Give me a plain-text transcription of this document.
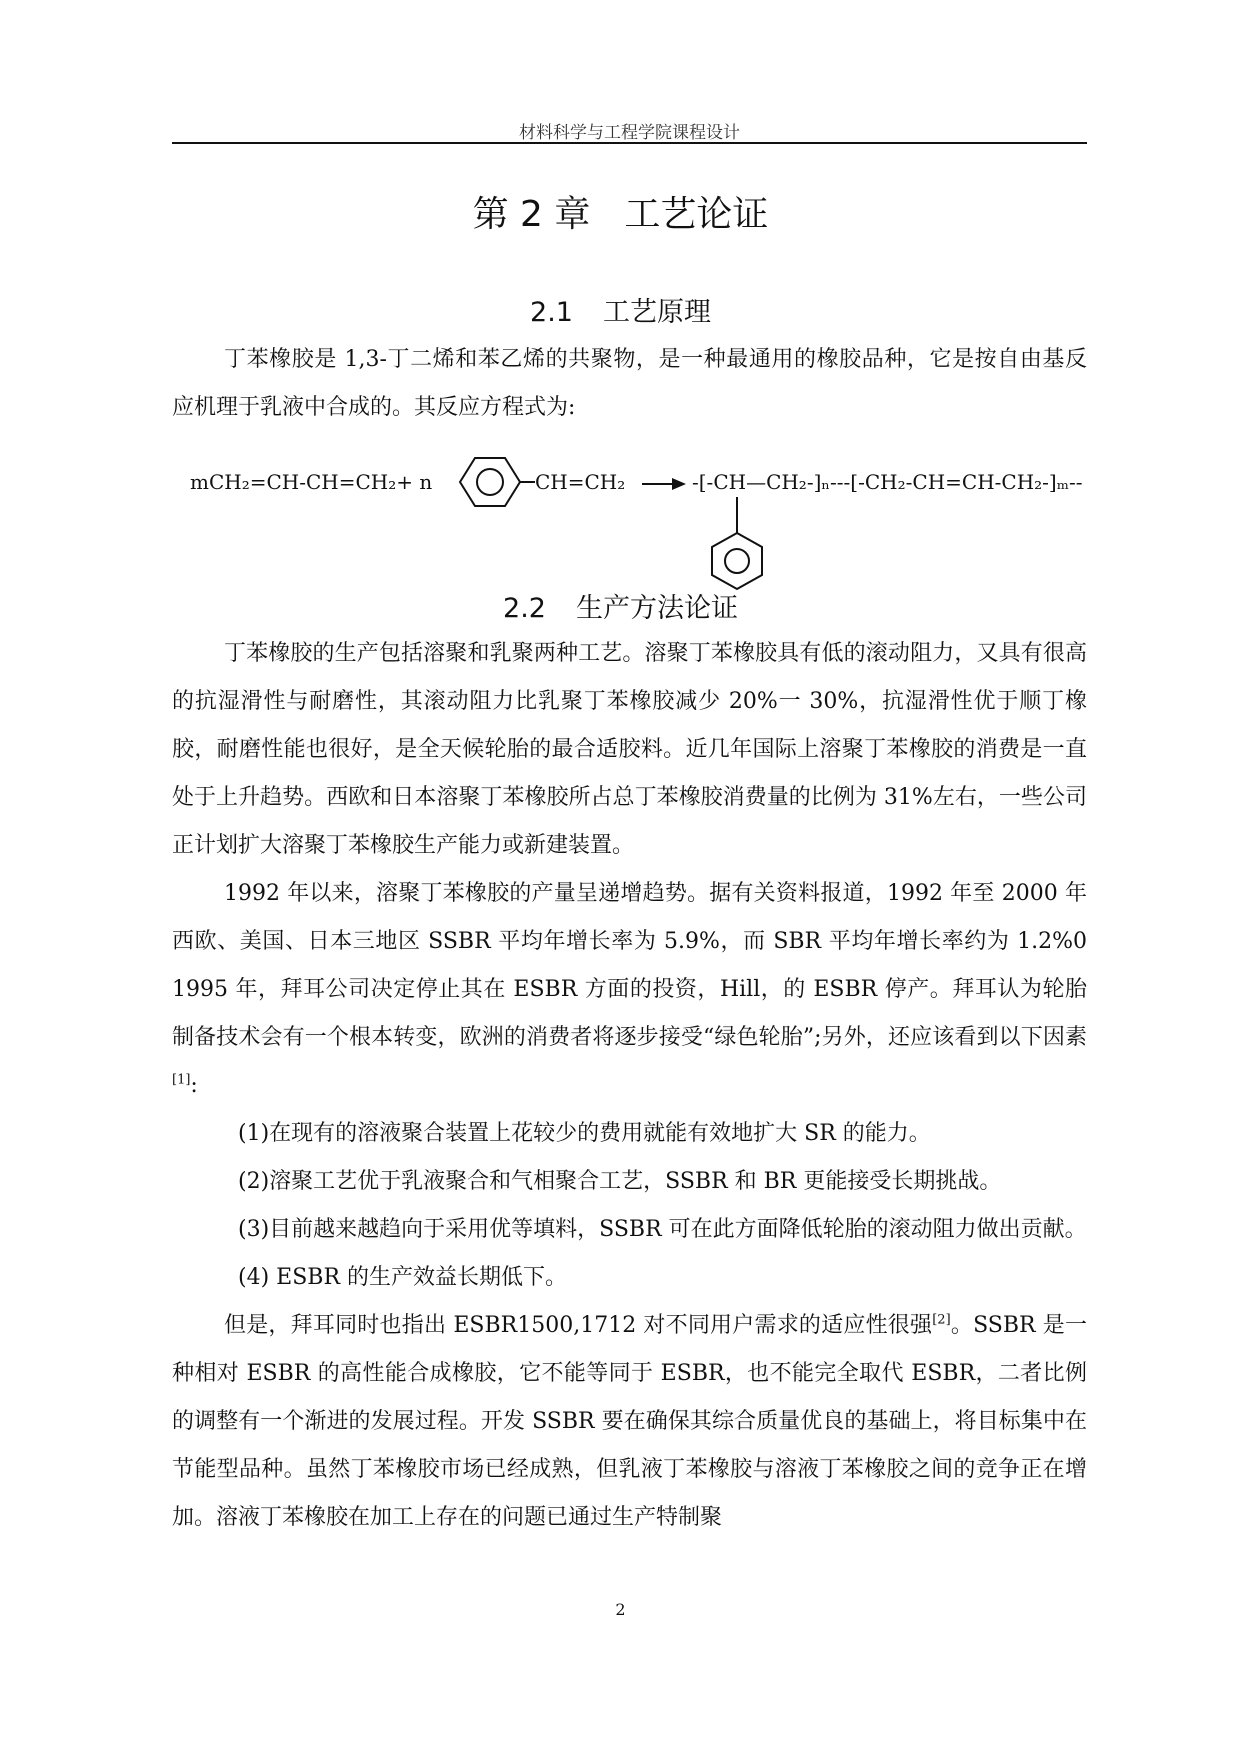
材料科学与工程学院课程设计
第 2 章 工艺论证
2.1 工艺原理

丁苯橡胶是 1,3-丁二烯和苯乙烯的共聚物，是一种最通用的橡胶品种，它是按自由基反应机理于乳液中合成的。其反应方程式为:

mCH₂=CH-CH=CH₂+ n	CH=CH₂ → -[-CH—CH₂-]ₙ---[-CH₂-CH=CH-CH₂-]ₘ--
2.2 生产方法论证

丁苯橡胶的生产包括溶聚和乳聚两种工艺。溶聚丁苯橡胶具有低的滚动阻力，又具有很高的抗湿滑性与耐磨性，其滚动阻力比乳聚丁苯橡胶减少 20%一 30%，抗湿滑性优于顺丁橡胶，耐磨性能也很好，是全天候轮胎的最合适胶料。近几年国际上溶聚丁苯橡胶的消费是一直处于上升趋势。西欧和日本溶聚丁苯橡胶所占总丁苯橡胶消费量的比例为 31%左右，一些公司正计划扩大溶聚丁苯橡胶生产能力或新建装置。

1992 年以来，溶聚丁苯橡胶的产量呈递增趋势。据有关资料报道，1992 年至 2000 年西欧、美国、日本三地区 SSBR 平均年增长率为 5.9%，而 SBR 平均年增长率约为 1.2%0 1995 年，拜耳公司决定停止其在 ESBR 方面的投资，Hill，的 ESBR 停产。拜耳认为轮胎制备技术会有一个根本转变，欧洲的消费者将逐步接受“绿色轮胎”;另外，还应该看到以下因素[1]:

(1)在现有的溶液聚合装置上花较少的费用就能有效地扩大 SR 的能力。

(2)溶聚工艺优于乳液聚合和气相聚合工艺，SSBR 和 BR 更能接受长期挑战。

(3)目前越来越趋向于采用优等填料，SSBR 可在此方面降低轮胎的滚动阻力做出贡献。

(4) ESBR 的生产效益长期低下。

但是，拜耳同时也指出 ESBR1500,1712 对不同用户需求的适应性很强[2]。SSBR 是一种相对 ESBR 的高性能合成橡胶，它不能等同于 ESBR，也不能完全取代 ESBR，二者比例的调整有一个渐进的发展过程。开发 SSBR 要在确保其综合质量优良的基础上，将目标集中在节能型品种。虽然丁苯橡胶市场已经成熟，但乳液丁苯橡胶与溶液丁苯橡胶之间的竞争正在增加。溶液丁苯橡胶在加工上存在的问题已通过生产特制聚

2
